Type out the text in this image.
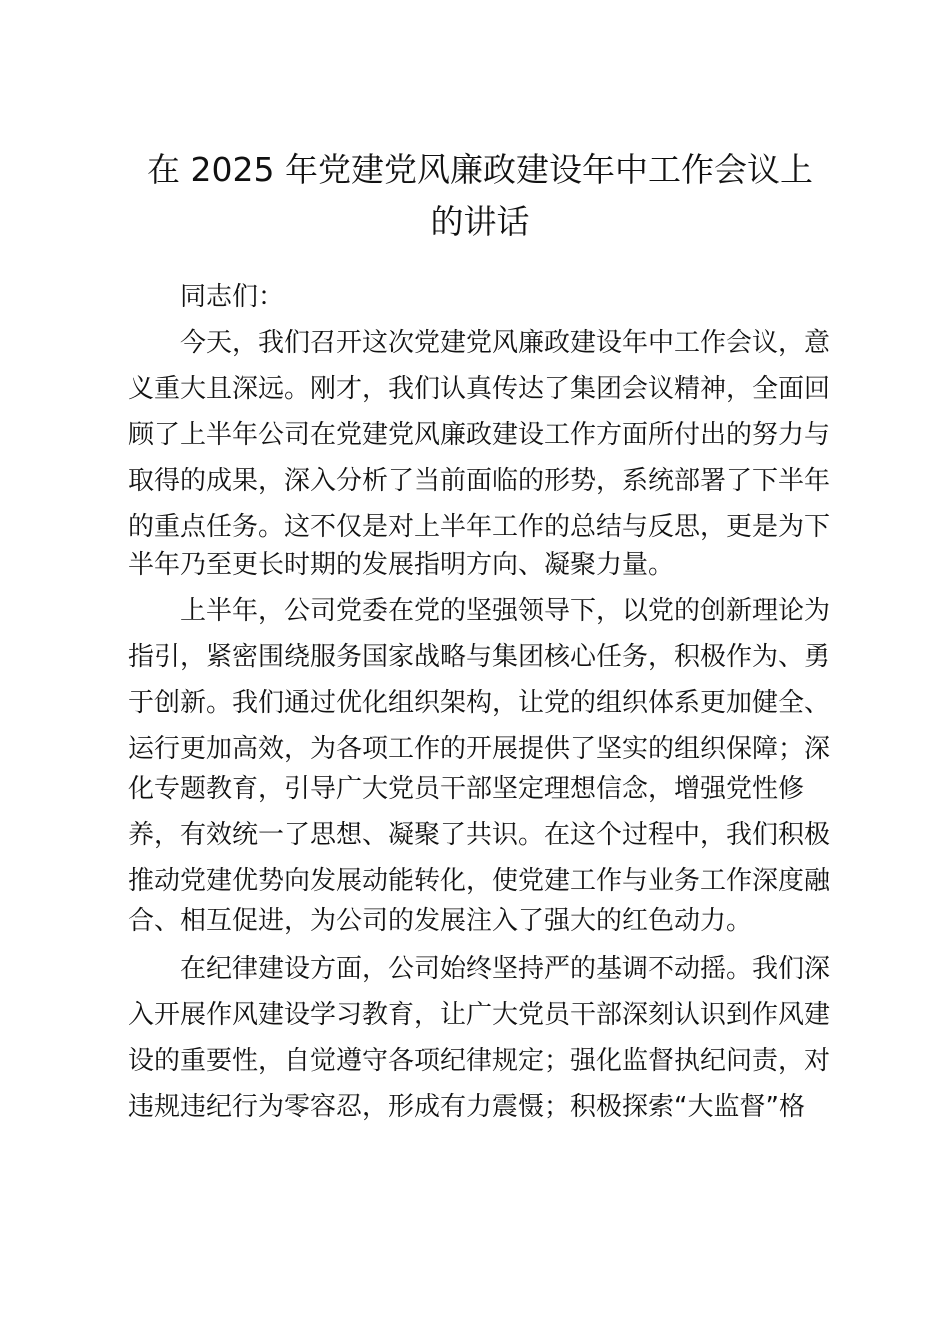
在 2025 年党建党风廉政建设年中工作会议上
的讲话

同志们：

今天，我们召开这次党建党风廉政建设年中工作会议，意

义重大且深远。刚才，我们认真传达了集团会议精神，全面回

顾了上半年公司在党建党风廉政建设工作方面所付出的努力与

取得的成果，深入分析了当前面临的形势，系统部署了下半年

的重点任务。这不仅是对上半年工作的总结与反思，更是为下

半年乃至更长时期的发展指明方向、凝聚力量。

上半年，公司党委在党的坚强领导下，以党的创新理论为

指引，紧密围绕服务国家战略与集团核心任务，积极作为、勇

于创新。我们通过优化组织架构，让党的组织体系更加健全、

运行更加高效，为各项工作的开展提供了坚实的组织保障；深

化专题教育，引导广大党员干部坚定理想信念，增强党性修

养，有效统一了思想、凝聚了共识。在这个过程中，我们积极

推动党建优势向发展动能转化，使党建工作与业务工作深度融

合、相互促进，为公司的发展注入了强大的红色动力。

在纪律建设方面，公司始终坚持严的基调不动摇。我们深

入开展作风建设学习教育，让广大党员干部深刻认识到作风建

设的重要性，自觉遵守各项纪律规定；强化监督执纪问责，对

违规违纪行为零容忍，形成有力震慑；积极探索“大监督”格
